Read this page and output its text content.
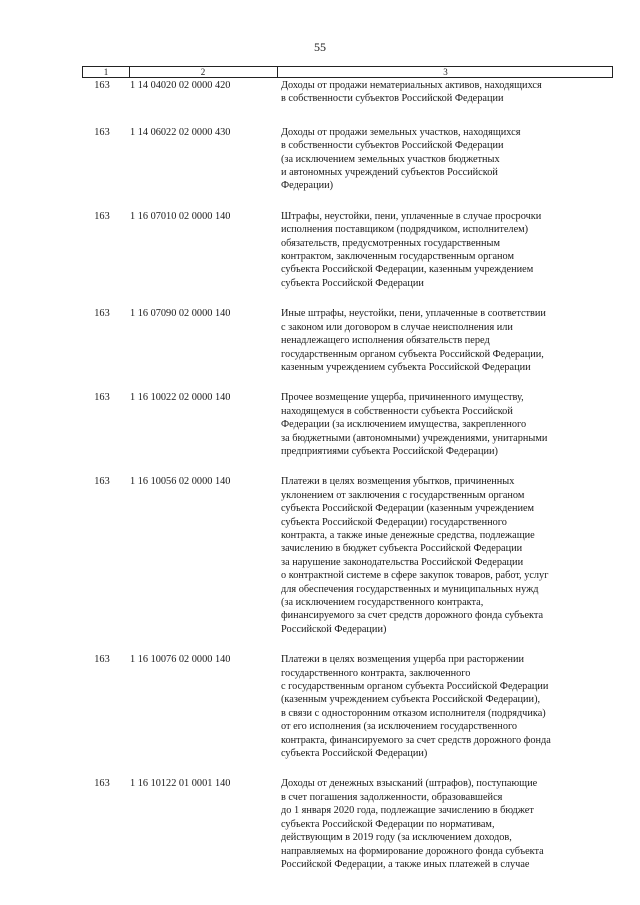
55
1	2	3
163	1 14 04020 02 0000 420	Доходы от продажи нематериальных активов, находящихся
в собственности субъектов Российской Федерации
163	1 14 06022 02 0000 430	Доходы от продажи земельных участков, находящихся
в собственности субъектов Российской Федерации
(за исключением земельных участков бюджетных
и автономных учреждений субъектов Российской
Федерации)
163	1 16 07010 02 0000 140	Штрафы, неустойки, пени, уплаченные в случае просрочки
исполнения поставщиком (подрядчиком, исполнителем)
обязательств, предусмотренных государственным
контрактом, заключенным государственным органом
субъекта Российской Федерации, казенным учреждением
субъекта Российской Федерации
163	1 16 07090 02 0000 140	Иные штрафы, неустойки, пени, уплаченные в соответствии
с законом или договором в случае неисполнения или
ненадлежащего исполнения обязательств перед
государственным органом субъекта Российской Федерации,
казенным учреждением субъекта Российской Федерации
163	1 16 10022 02 0000 140	Прочее возмещение ущерба, причиненного имуществу,
находящемуся в собственности субъекта Российской
Федерации (за исключением имущества, закрепленного
за бюджетными (автономными) учреждениями, унитарными
предприятиями субъекта Российской Федерации)
163	1 16 10056 02 0000 140	Платежи в целях возмещения убытков, причиненных
уклонением от заключения с государственным органом
субъекта Российской Федерации (казенным учреждением
субъекта Российской Федерации) государственного
контракта, а также иные денежные средства, подлежащие
зачислению в бюджет субъекта Российской Федерации
за нарушение законодательства Российской Федерации
о контрактной системе в сфере закупок товаров, работ, услуг
для обеспечения государственных и муниципальных нужд
(за исключением государственного контракта,
финансируемого за счет средств дорожного фонда субъекта
Российской Федерации)
163	1 16 10076 02 0000 140	Платежи в целях возмещения ущерба при расторжении
государственного контракта, заключенного
с государственным органом субъекта Российской Федерации
(казенным учреждением субъекта Российской Федерации),
в связи с односторонним отказом исполнителя (подрядчика)
от его исполнения (за исключением государственного
контракта, финансируемого за счет средств дорожного фонда
субъекта Российской Федерации)
163	1 16 10122 01 0001 140	Доходы от денежных взысканий (штрафов), поступающие
в счет погашения задолженности, образовавшейся
до 1 января 2020 года, подлежащие зачислению в бюджет
субъекта Российской Федерации по нормативам,
действующим в 2019 году (за исключением доходов,
направляемых на формирование дорожного фонда субъекта
Российской Федерации, а также иных платежей в случае
